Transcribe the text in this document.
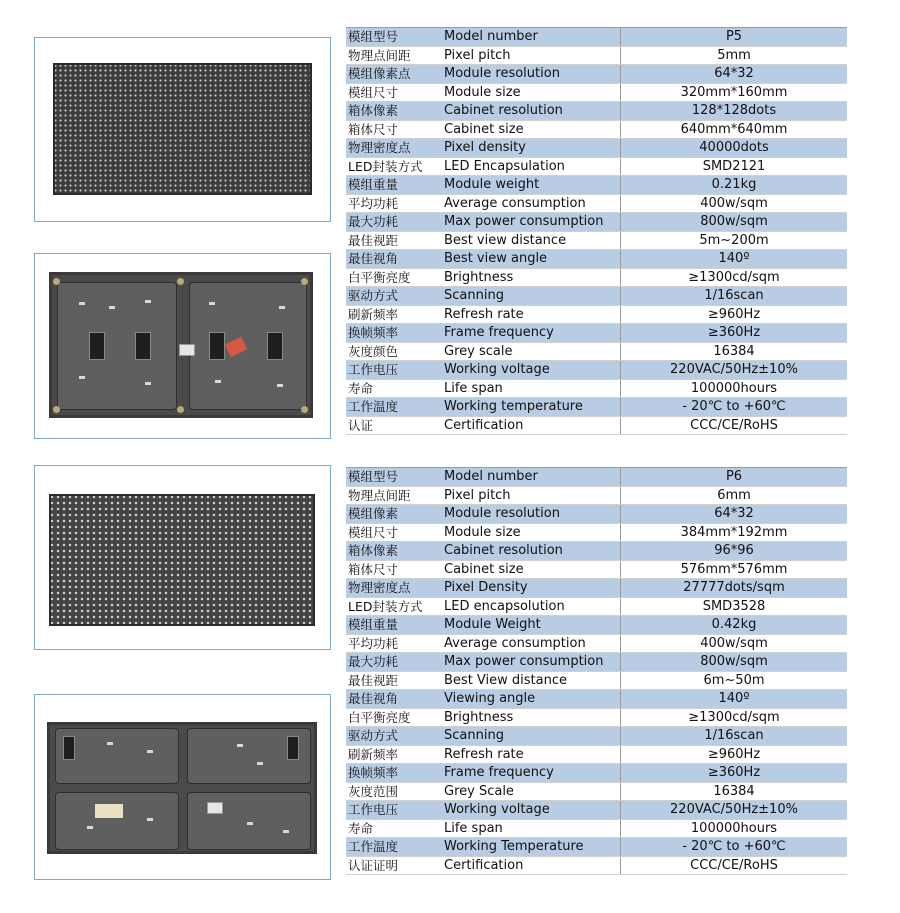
模组型号	Model number	P5
物理点间距	Pixel pitch	5mm
模组像素点	Module resolution	64*32
模组尺寸	Module size	320mm*160mm
箱体像素	Cabinet resolution	128*128dots
箱体尺寸	Cabinet size	640mm*640mm
物理密度点	Pixel density	40000dots
LED封装方式	LED Encapsulation	SMD2121
模组重量	Module weight	0.21kg
平均功耗	Average consumption	400w/sqm
最大功耗	Max power consumption	800w/sqm
最佳视距	Best view distance	5m~200m
最佳视角	Best view angle	140º
白平衡亮度	Brightness	≥1300cd/sqm
驱动方式	Scanning	1/16scan
刷新频率	Refresh rate	≥960Hz
换帧频率	Frame frequency	≥360Hz
灰度颜色	Grey scale	16384
工作电压	Working voltage	220VAC/50Hz±10%
寿命	Life span	100000hours
工作温度	Working temperature	- 20℃ to +60℃
认证	Certification	CCC/CE/RoHS
模组型号	Model number	P6
物理点间距	Pixel pitch	6mm
模组像素	Module resolution	64*32
模组尺寸	Module size	384mm*192mm
箱体像素	Cabinet resolution	96*96
箱体尺寸	Cabinet size	576mm*576mm
物理密度点	Pixel Density	27777dots/sqm
LED封装方式	LED encapsolution	SMD3528
模组重量	Module Weight	0.42kg
平均功耗	Average consumption	400w/sqm
最大功耗	Max power consumption	800w/sqm
最佳视距	Best View distance	6m~50m
最佳视角	Viewing angle	140º
白平衡亮度	Brightness	≥1300cd/sqm
驱动方式	Scanning	1/16scan
刷新频率	Refresh rate	≥960Hz
换帧频率	Frame frequency	≥360Hz
灰度范围	Grey Scale	16384
工作电压	Working voltage	220VAC/50Hz±10%
寿命	Life span	100000hours
工作温度	Working Temperature	- 20℃ to +60℃
认证证明	Certification	CCC/CE/RoHS
